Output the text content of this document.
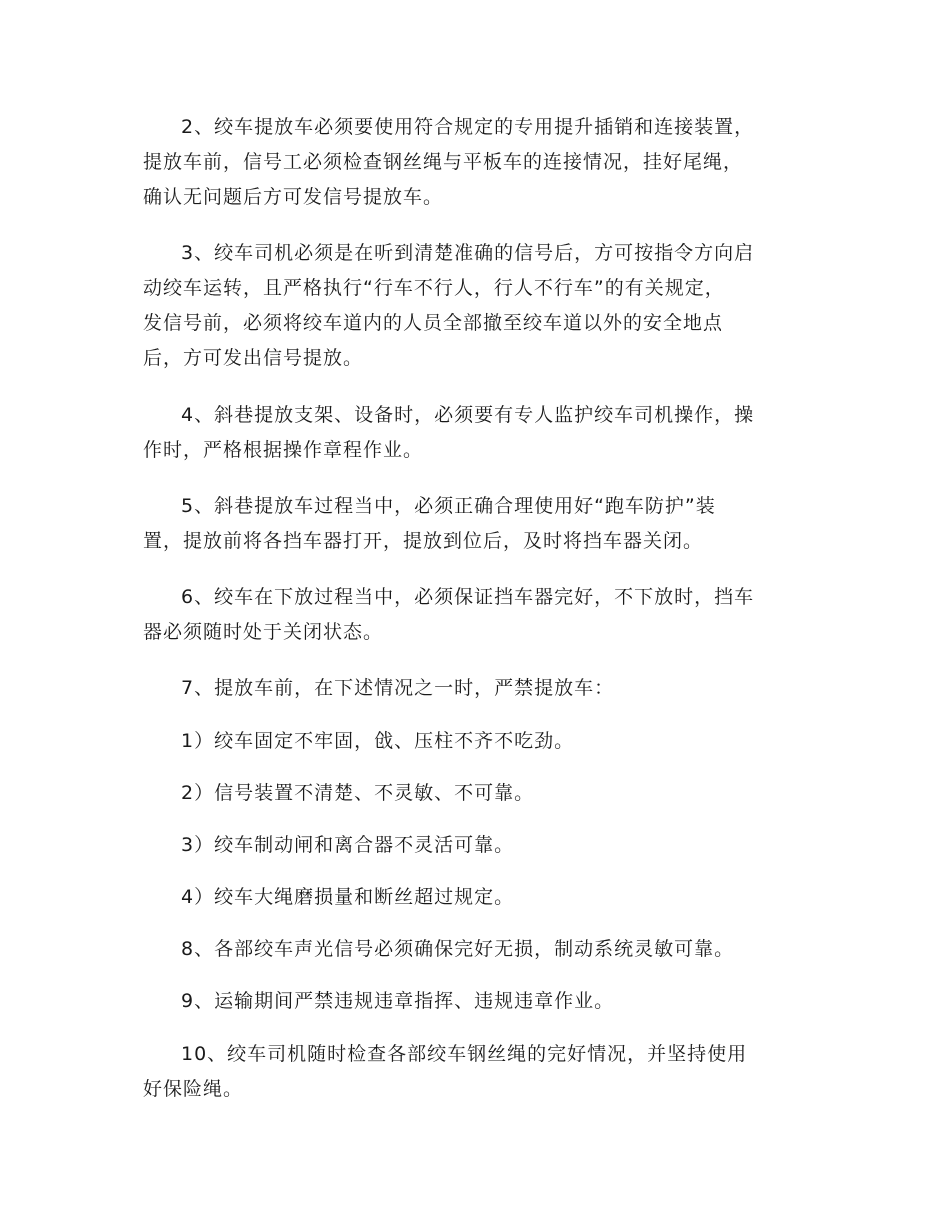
2、绞车提放车必须要使用符合规定的专用提升插销和连接装置，
提放车前，信号工必须检查钢丝绳与平板车的连接情况，挂好尾绳，
确认无问题后方可发信号提放车。

3、绞车司机必须是在听到清楚准确的信号后，方可按指令方向启
动绞车运转，且严格执行“行车不行人，行人不行车”的有关规定，
发信号前，必须将绞车道内的人员全部撤至绞车道以外的安全地点
后，方可发出信号提放。

4、斜巷提放支架、设备时，必须要有专人监护绞车司机操作，操
作时，严格根据操作章程作业。

5、斜巷提放车过程当中，必须正确合理使用好“跑车防护”装
置，提放前将各挡车器打开，提放到位后，及时将挡车器关闭。

6、绞车在下放过程当中，必须保证挡车器完好，不下放时，挡车
器必须随时处于关闭状态。

7、提放车前，在下述情况之一时，严禁提放车：

1）绞车固定不牢固，戗、压柱不齐不吃劲。

2）信号装置不清楚、不灵敏、不可靠。

3）绞车制动闸和离合器不灵活可靠。

4）绞车大绳磨损量和断丝超过规定。

8、各部绞车声光信号必须确保完好无损，制动系统灵敏可靠。

9、运输期间严禁违规违章指挥、违规违章作业。

10、绞车司机随时检查各部绞车钢丝绳的完好情况，并坚持使用
好保险绳。
